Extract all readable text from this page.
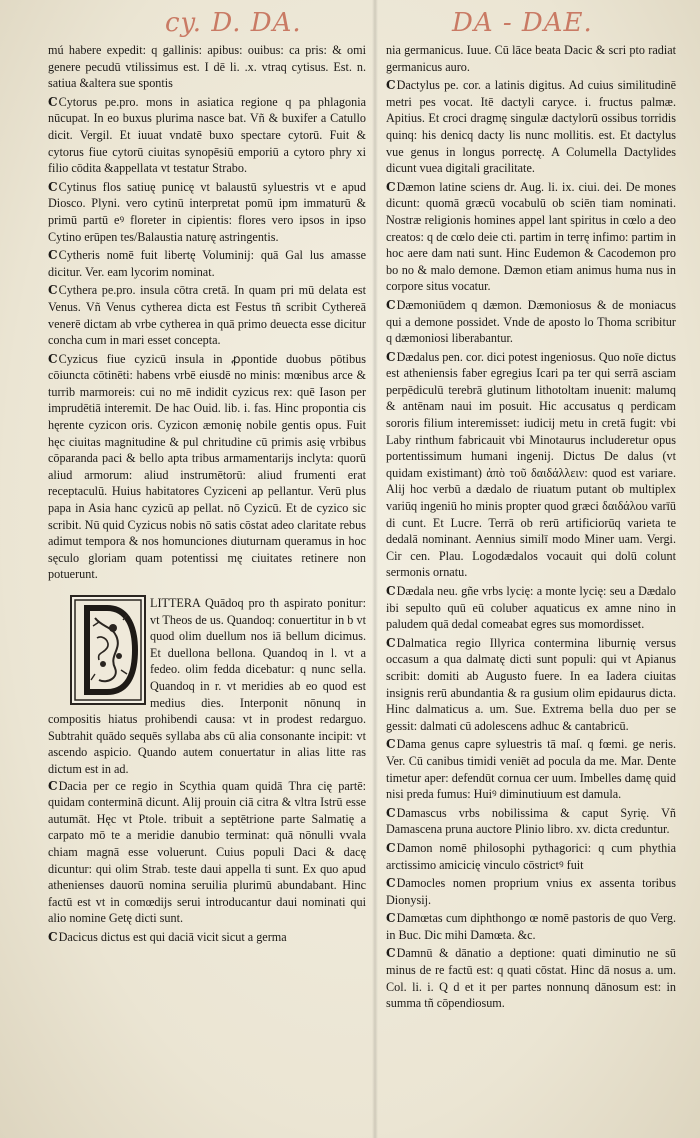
cy. D. DA.	DA - DAE.

mú habere expedit: q gallinis: apibus: ouibus: ca pris: & omi genere pecudū vtilissimus est. I dē li. .x. vtraq cytisus. Est. n. satiua &altera sue spontis

CCytorus pe.pro. mons in asiatica regione q pa phlagonia nūcupat. In eo buxus plurima nasce bat. Vñ & buxifer a Catullo dicit. Vergil. Et iuuat vndatē buxo spectare cytorū. Fuit & cytorus fiue cytorū ciuitas synopēsiū emporiū a cytoro phry xi filio cōdita &appellata vt testatur Strabo.

CCytinus flos satiuę punicę vt balaustū syluestris vt e apud Diosco. Plyni. vero cytinū interpretat pomū ipm immaturū & primū partū eꝰ floreter in cipientis: flores vero ipsos in ipso Cytino erūpen tes/Balaustia naturę astringentis.

CCytheris nomē fuit libertę Voluminij: quā Gal lus amasse dicitur. Ver. eam lycorim nominat.

CCythera pe.pro. insula cōtra cretā. In quam pri mū delata est Venus. Vñ Venus cytherea dicta est Festus tñ scribit Cythereā venerē dictam ab vrbe cytherea in quā primo deuecta esse dicitur concha cum in mari esset concepta.

CCyzicus fiue cyzicū insula in ꝓpontide duobus pōtibus cōiuncta cōtinēti: habens vrbē eiusdē no minis: mœnibus arce & turrib marmoreis: cui no mē indidit cyzicus rex: quē Iason per imprudētiā interemit. De hac Ouid. lib. i. fas. Hinc propontia cis hęrente cyzicon oris. Cyzicon æmonię nobile gentis opus. Fuit hęc ciuitas magnitudine & pul chritudine cū primis asię vrbibus cōparanda paci & bello apta tribus armamentarijs inclyta: quorū aliud armorum: aliud instrumētorū: aliud frumenti erat receptaculū. Huius habitatores Cyziceni ap pellantur. Verū plus papa in Asia hanc cyzicū ap pellat. nō Cyzicū. Et de cyzico sic scribit. Nū quid Cyzicus nobis nō satis cōstat adeo claritate rebus adimut tempora & nos homunciones diuturnam queramus in hoc sęculo gloriam quam potentissi mę ciuitates retinere non potuerunt.

LITTERA Quādoq pro th aspirato ponitur: vt Theos de us. Quandoq: conuertitur in b vt quod olim duellum nos iā bellum dicimus. Et duellona bellona. Quandoq in l. vt a fedeo. olim fedda dicebatur: q nunc sella. Quandoq in r. vt meridies ab eo quod est medius dies. Interponit nōnunq in compositis hiatus prohibendi causa: vt in prodest redarguo. Subtrahit quādo sequēs syllaba abs cū alia consonante incipit: vt ascendo aspicio. Quando autem conuertatur in alias litte ras dictum est in ad.

CDacia per ce regio in Scythia quam quidā Thra cię partē: quidam conterminā dicunt. Alij prouin ciā citra & vltra Istrū esse autumāt. Hęc vt Ptole. tribuit a septētrione parte Salmatię a carpato mō te a meridie danubio terminat: quā nōnulli vvala chiam magnā esse voluerunt. Cuius populi Daci & dacę dicuntur: qui olim Strab. teste daui appella ti sunt. Ex quo apud athenienses dauorū nomina seruilia plurimū abundabant. Hinc factū est vt in comœdijs serui introducantur daui nominati qui alio nomine Getę dicti sunt.

CDacicus dictus est qui daciā vicit sicut a germa

nia germanicus. Iuue. Cū lāce beata Dacic & scri pto radiat germanicus auro.

CDactylus pe. cor. a latinis digitus. Ad cuius similitudinē metri pes vocat. Itē dactyli caryce. i. fructus palmæ. Apitius. Et croci dragmę singulæ dactylorū ossibus torridis quinq: his denicq dacty lis nunc mollitis. est. Et dactylus vue genus in longus porrectę. A Columella Dactylides dicunt vuea digitali gracilitate.

CDæmon latine sciens dr. Aug. li. ix. ciui. dei. De mones dicunt: quomā græcū vocabulū ob sciēn tiam nominati. Nostræ religionis homines appel lant spiritus in cœlo a deo creatos: q de cœlo deie cti. partim in terrę infimo: partim in hoc aere dam nati sunt. Hinc Eudemon & Cacodemon pro bo no & malo demone. Dæmon etiam animus huma nus in corpore situs vocatur.

CDæmoniūdem q dæmon. Dæmoniosus & de moniacus qui a demone possidet. Vnde de aposto lo Thoma scribitur q dæmoniosi liberabantur.

CDædalus pen. cor. dici potest ingeniosus. Quo noīe dictus est atheniensis faber egregius Icari pa ter qui serrā asciam perpēdiculū terebrā glutinum lithotoltam inuenit: malumq & antēnam naui im posuit. Hic accusatus q perdicam sororis filium interemisset: iudicij metu in cretā fugit: vbi Laby rinthum fabricauit vbi Minotaurus includeretur opus portentissimum humani ingenij. Dictus De dalus (vt quidam existimant) ἀπὸ τοῦ δαιδάλλειν: quod est variare. Alij hoc verbū a dædalo de riuatum putant ob multiplex variūq ingeniū ho minis propter quod græci δαιδάλου varīū di cunt. Et Lucre. Terrā ob rerū artificiorūq varieta te dedalā nominant. Aennius similī modo Miner uam. Vergi. Cir cen. Plau. Logodædalos vocauit qui dolū colunt sermonis ornatu.

CDædala neu. gñe vrbs lycię: a monte lycię: seu a Dædalo ibi sepulto quū eū coluber aquaticus ex amne nino in paludem quā dedal comeabat egres sus momordisset.

CDalmatica regio Illyrica contermina liburnię versus occasum a qua dalmatę dicti sunt populi: qui vt Apianus scribit: domiti ab Augusto fuere. In ea Iadera ciuitas insignis rerū abundantia & ra gusium olim epidaurus dicta. Hinc dalmaticus a. um. Sue. Extrema bella duo per se gessit: dalmati cū adolescens adhuc & cantabricū.

CDama genus capre syluestris tā maſ. q fœmi. ge neris. Ver. Cū canibus timidi veniēt ad pocula da me. Mar. Dente timetur aper: defendūt cornua cer uum. Imbelles damę quid nisi preda fumus: Huiꝰ diminutiuum est damula.

CDamascus vrbs nobilissima & caput Syrię. Vñ Damascena pruna auctore Plinio libro. xv. dicta creduntur.

CDamon nomē philosophi pythagorici: q cum phythia arctissimo amicicię vinculo cōstrictꝰ fuit

CDamocles nomen proprium vnius ex assenta toribus Dionysij.

CDamœtas cum diphthongo œ nomē pastoris de quo Verg. in Buc. Dic mihi Damœta. &c.

CDamnū & dānatio a deptione: quati diminutio ne sū minus de re factū est: q quati cōstat. Hinc dā nosus a. um. Col. li. i. Q d et it per partes nonnunq dānosum est: in summa tñ cōpendiosum.
